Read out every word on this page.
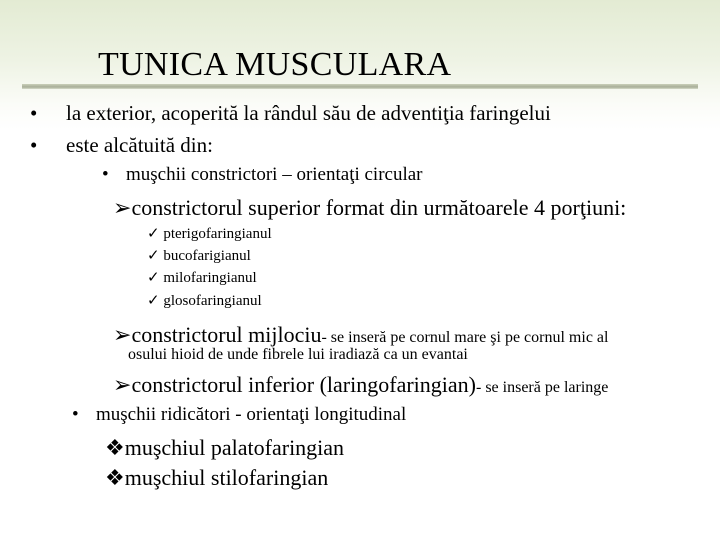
TUNICA MUSCULARA
• la exterior, acoperită la rândul său de adventiţia faringelui
• este alcătuită din:
• muşchii constrictori – orientaţi circular
➢constrictorul superior format din următoarele 4 porţiuni:
✓ pterigofaringianul
✓ bucofarigianul
✓ milofaringianul
✓ glosofaringianul
➢constrictorul mijlociu- se inseră pe cornul mare şi pe cornul mic al
osului hioid de unde fibrele lui iradiază ca un evantai
➢constrictorul inferior (laringofaringian)- se inseră pe laringe
• muşchii ridicători - orientaţi longitudinal
❖muşchiul palatofaringian
❖muşchiul stilofaringian
